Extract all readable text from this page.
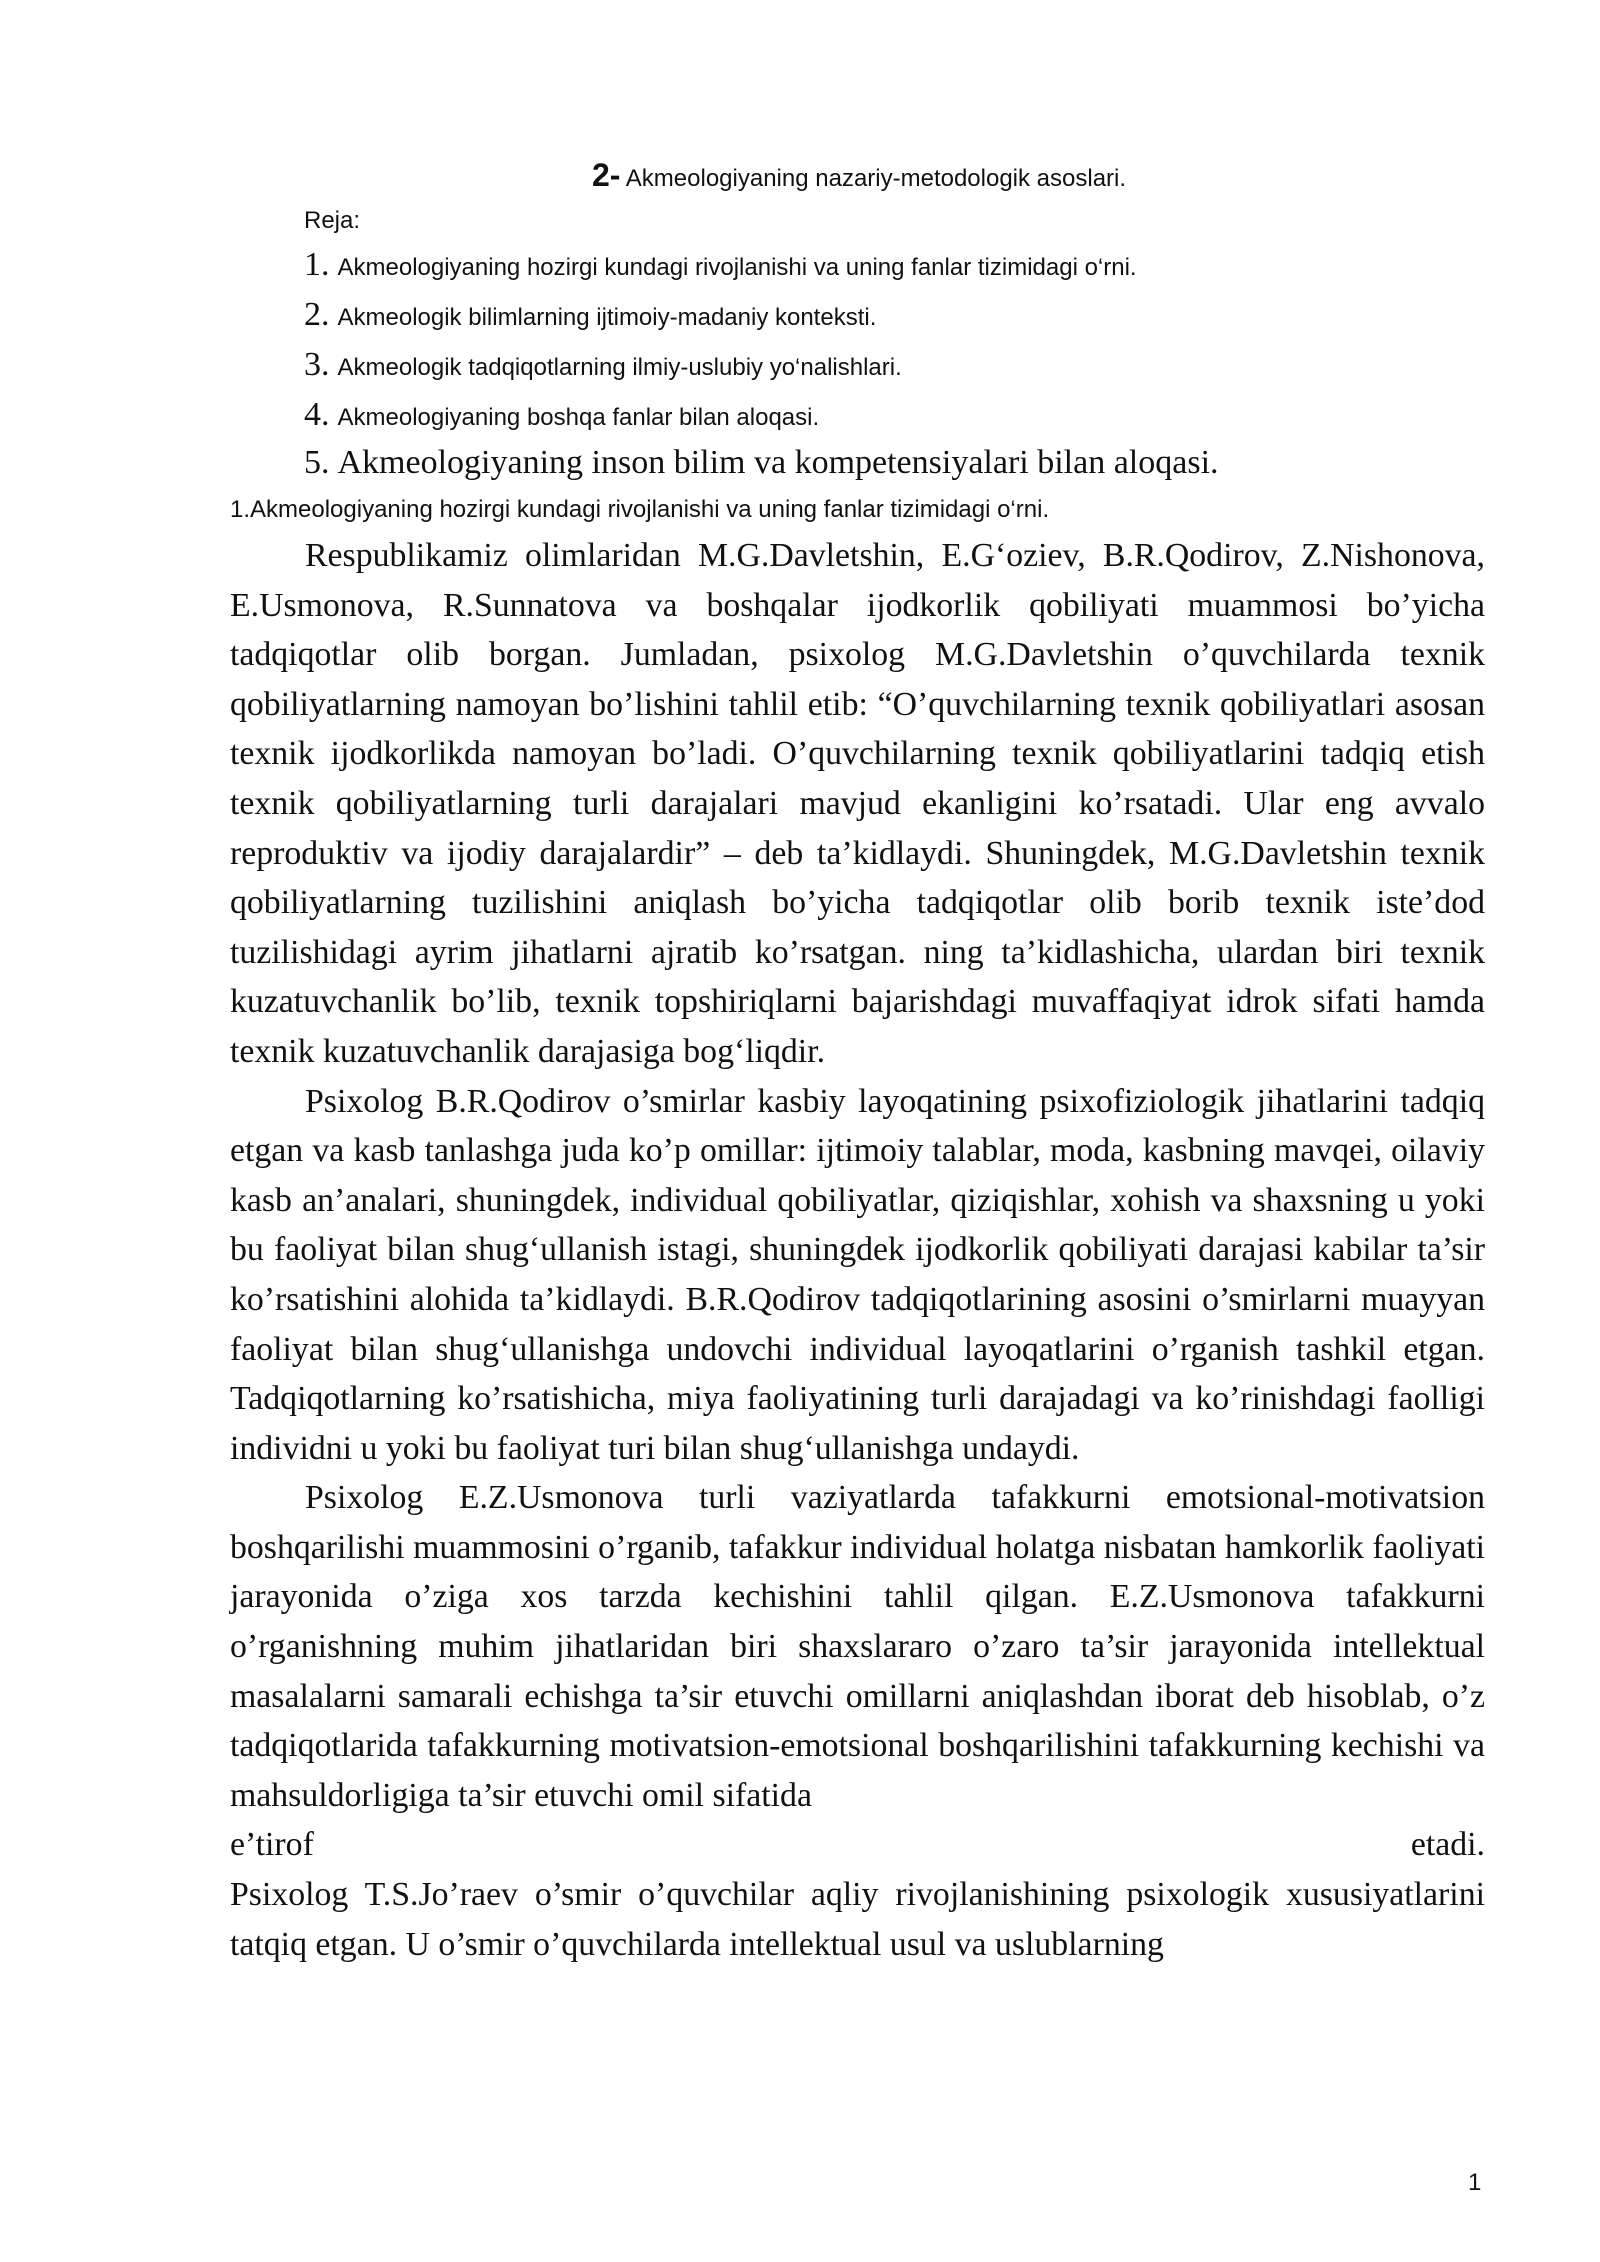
2- Akmeologiyaning nazariy-metodologik asoslari.
Reja:
1. Akmeologiyaning hozirgi kundagi rivojlanishi va uning fanlar tizimidagi o‘rni.
2. Akmeologik bilimlarning ijtimoiy-madaniy konteksti.
3. Akmeologik tadqiqotlarning ilmiy-uslubiy yo‘nalishlari.
4. Akmeologiyaning boshqa fanlar bilan aloqasi.
5. Akmeologiyaning inson bilim va kompetensiyalari bilan aloqasi.
1.Akmeologiyaning hozirgi kundagi rivojlanishi va uning fanlar tizimidagi o‘rni.

Respublikamiz olimlaridan M.G.Davletshin, E.G‘oziev, B.R.Qodirov, Z.Nishonova, E.Usmonova, R.Sunnatova va boshqalar ijodkorlik qobiliyati muammosi bo’yicha tadqiqotlar olib borgan. Jumladan, psixolog M.G.Davletshin o’quvchilarda texnik qobiliyatlarning namoyan bo’lishini tahlil etib: “O’quvchilarning texnik qobiliyatlari asosan texnik ijodkorlikda namoyan bo’ladi. O’quvchilarning texnik qobiliyatlarini tadqiq etish texnik qobiliyatlarning turli darajalari mavjud ekanligini ko’rsatadi. Ular eng avvalo reproduktiv va ijodiy darajalardir” – deb ta’kidlaydi. Shuningdek, M.G.Davletshin texnik qobiliyatlarning tuzilishini aniqlash bo’yicha tadqiqotlar olib borib texnik iste’dod tuzilishidagi ayrim jihatlarni ajratib ko’rsatgan. ning ta’kidlashicha, ulardan biri texnik kuzatuvchanlik bo’lib, texnik topshiriqlarni bajarishdagi muvaffaqiyat idrok sifati hamda texnik kuzatuvchanlik darajasiga bog‘liqdir.

Psixolog B.R.Qodirov o’smirlar kasbiy layoqatining psixofiziologik jihatlarini tadqiq etgan va kasb tanlashga juda ko’p omillar: ijtimoiy talablar, moda, kasbning mavqei, oilaviy kasb an’analari, shuningdek, individual qobiliyatlar, qiziqishlar, xohish va shaxsning u yoki bu faoliyat bilan shug‘ullanish istagi, shuningdek ijodkorlik qobiliyati darajasi kabilar ta’sir ko’rsatishini alohida ta’kidlaydi. B.R.Qodirov tadqiqotlarining asosini o’smirlarni muayyan faoliyat bilan shug‘ullanishga undovchi individual layoqatlarini o’rganish tashkil etgan. Tadqiqotlarning ko’rsatishicha, miya faoliyatining turli darajadagi va ko’rinishdagi faolligi individni u yoki bu faoliyat turi bilan shug‘ullanishga undaydi.

Psixolog E.Z.Usmonova turli vaziyatlarda tafakkurni emotsional-motivatsion boshqarilishi muammosini o’rganib, tafakkur individual holatga nisbatan hamkorlik faoliyati jarayonida o’ziga xos tarzda kechishini tahlil qilgan. E.Z.Usmonova tafakkurni o’rganishning muhim jihatlaridan biri shaxslararo o’zaro ta’sir jarayonida intellektual masalalarni samarali echishga ta’sir etuvchi omillarni aniqlashdan iborat deb hisoblab, o’z tadqiqotlarida tafakkurning motivatsion-emotsional boshqarilishini tafakkurning kechishi va mahsuldorligiga ta’sir etuvchi omil sifatida

e’tirof	etadi.

Psixolog T.S.Jo’raev o’smir o’quvchilar aqliy rivojlanishining psixologik xususiyatlarini tatqiq etgan. U o’smir o’quvchilarda intellektual usul va uslublarning

1
